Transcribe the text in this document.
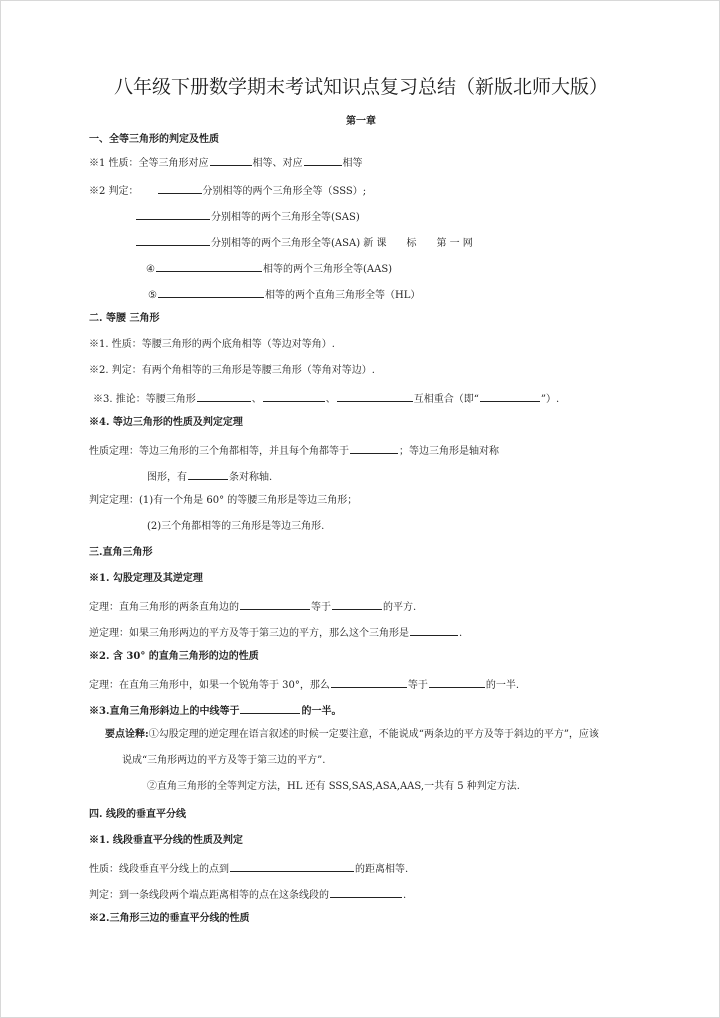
八年级下册数学期末考试知识点复习总结（新版北师大版）
第一章
一、全等三角形的判定及性质
※1 性质：全等三角形对应	相等、对应	相等
※2 判定：	分别相等的两个三角形全等（SSS）;
分别相等的两个三角形全等(SAS)
分别相等的两个三角形全等(ASA) 新 课　　标　　第 一 网
④	相等的两个三角形全等(AAS)
⑤	相等的两个直角三角形全等（HL）
二. 等腰 三角形
※1. 性质：等腰三角形的两个底角相等（等边对等角）.
※2. 判定：有两个角相等的三角形是等腰三角形（等角对等边）.
※3. 推论：等腰三角形	、	、	互相重合（即“	”）.
※4. 等边三角形的性质及判定定理
性质定理：等边三角形的三个角都相等，并且每个角都等于	；等边三角形是轴对称
图形，有	条对称轴.
判定定理：(1)有一个角是 60° 的等腰三角形是等边三角形；
(2)三个角都相等的三角形是等边三角形.
三.直角三角形
※1. 勾股定理及其逆定理
定理：直角三角形的两条直角边的	等于	的平方.
逆定理：如果三角形两边的平方及等于第三边的平方，那么这个三角形是	.
※2. 含 30° 的直角三角形的边的性质
定理：在直角三角形中，如果一个锐角等于 30°，那么	等于	的一半.
※3.直角三角形斜边上的中线等于	的一半。
要点诠释:①勾股定理的逆定理在语言叙述的时候一定要注意，不能说成“两条边的平方及等于斜边的平方”，应该
说成“三角形两边的平方及等于第三边的平方”.
②直角三角形的全等判定方法，HL 还有 SSS,SAS,ASA,AAS,一共有 5 种判定方法.
四. 线段的垂直平分线
※1. 线段垂直平分线的性质及判定
性质：线段垂直平分线上的点到	的距离相等.
判定：到一条线段两个端点距离相等的点在这条线段的	.
※2.三角形三边的垂直平分线的性质
